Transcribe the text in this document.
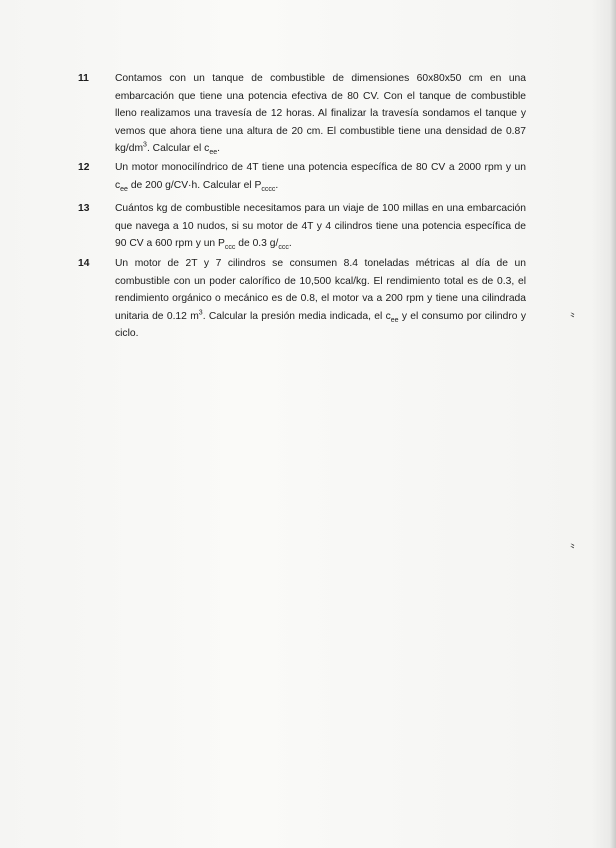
11	Contamos con un tanque de combustible de dimensiones 60x80x50 cm en una embarcación que tiene una potencia efectiva de 80 CV. Con el tanque de combustible lleno realizamos una travesía de 12 horas. Al finalizar la travesía sondamos el tanque y vemos que ahora tiene una altura de 20 cm. El combustible tiene una densidad de 0.87 $kg/dm^3$. Calcular el $c_{ee}$.
12	Un motor monocilíndrico de 4T tiene una potencia específica de 80 CV a 2000 rpm y un $c_{ee}$ de 200 g/CV·h. Calcular el $P_{cccc}$.
13	Cuántos kg de combustible necesitamos para un viaje de 100 millas en una embarcación que navega a 10 nudos, si su motor de 4T y 4 cilindros tiene una potencia específica de 90 CV a 600 rpm y un $P_{ccc}$ de 0.3 $g/_{ccc}$.
14	Un motor de 2T y 7 cilindros se consumen 8.4 toneladas métricas al día de un combustible con un poder calorífico de 10,500 kcal/kg. El rendimiento total es de 0.3, el rendimiento orgánico o mecánico es de 0.8, el motor va a 200 rpm y tiene una cilindrada unitaria de 0.12 $m^3$. Calcular la presión media indicada, el $c_{ee}$ y el consumo por cilindro y ciclo.
〟
〟
